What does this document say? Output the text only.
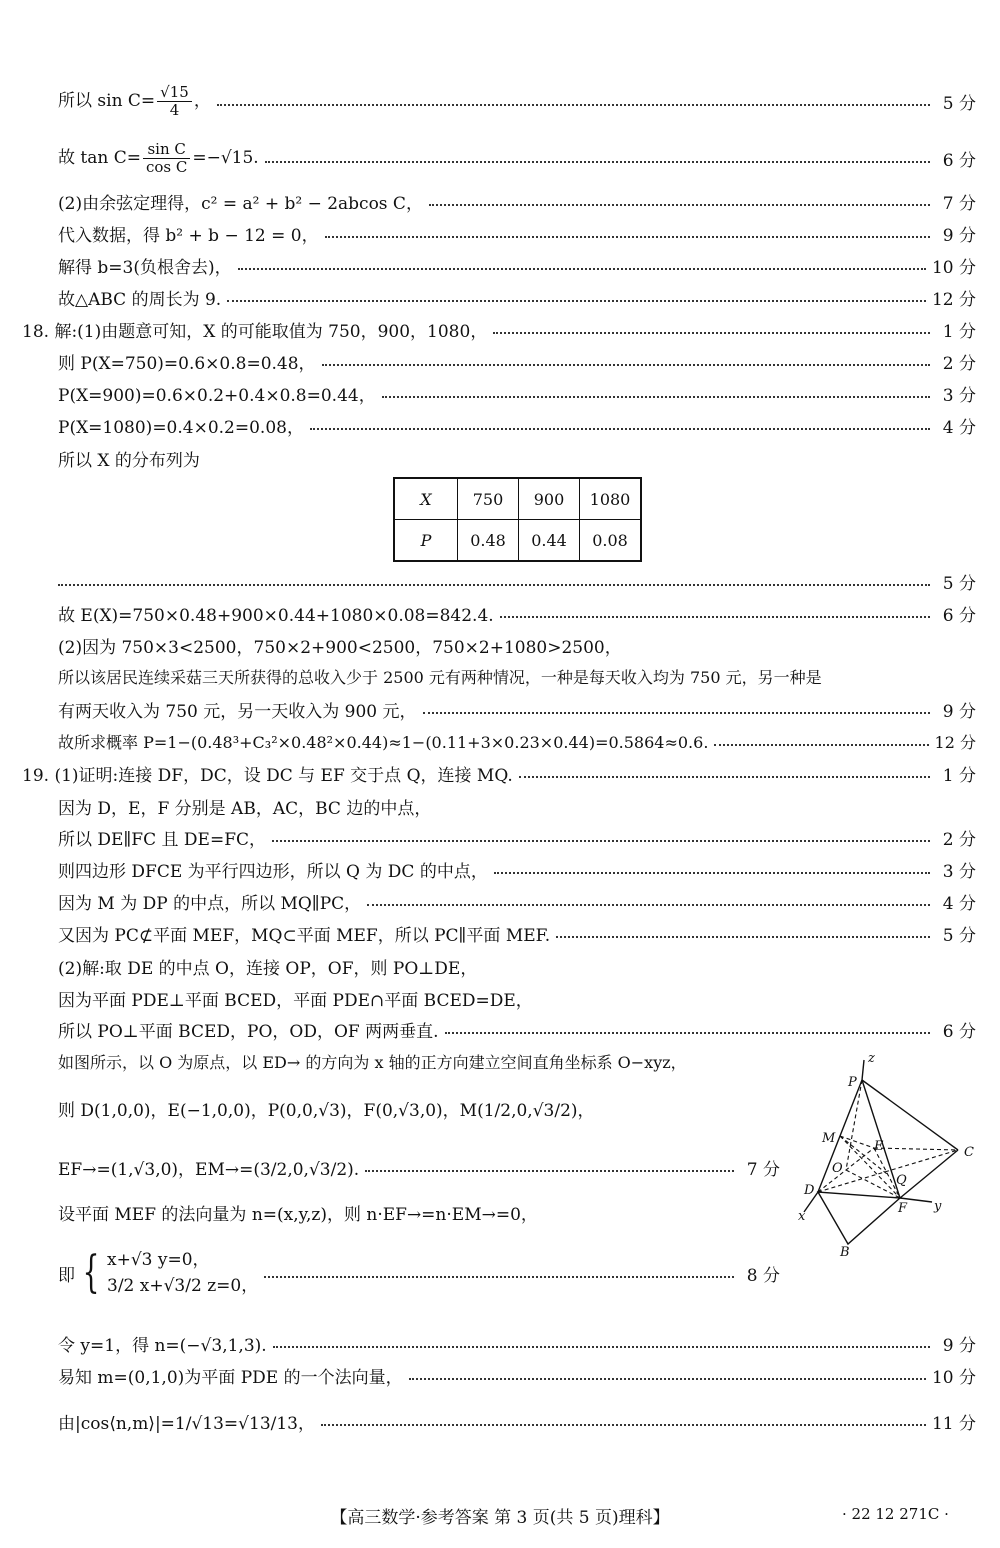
所以 $\sin C= \frac{√15}{4}$ ，	5 分
故 $\tan C= \frac{\text{sin C}}{\text{cos C}} =-√15$.	6 分
(2)由余弦定理得，c² = a² + b² − 2abcos C，	7 分
代入数据，得 b² + b − 12 = 0，	9 分
解得 b=3(负根舍去)，	10 分
故△ABC 的周长为 9.	12 分
18. 解:(1)由题意可知，X 的可能取值为 750，900，1080，	1 分
则 P(X=750)=0.6×0.8=0.48，	2 分
P(X=900)=0.6×0.2+0.4×0.8=0.44，	3 分
P(X=1080)=0.4×0.2=0.08，	4 分
所以 X 的分布列为
X	750	900	1080
P	0.48	0.44	0.08
5 分
故 E(X)=750×0.48+900×0.44+1080×0.08=842.4.	6 分
(2)因为 750×3<2500，750×2+900<2500，750×2+1080>2500，
所以该居民连续采菇三天所获得的总收入少于 2500 元有两种情况，一种是每天收入均为 750 元，另一种是
有两天收入为 750 元，另一天收入为 900 元，	9 分
故所求概率 P=1−(0.48³+C₃²×0.48²×0.44)≈1−(0.11+3×0.23×0.44)=0.5864≈0.6.	12 分
19. (1)证明:连接 DF，DC，设 DC 与 EF 交于点 Q，连接 MQ.	1 分
因为 D，E，F 分别是 AB，AC，BC 边的中点，
所以 DE∥FC 且 DE=FC，	2 分
则四边形 DFCE 为平行四边形，所以 Q 为 DC 的中点，	3 分
因为 M 为 DP 的中点，所以 MQ∥PC，	4 分
又因为 PC⊄平面 MEF，MQ⊂平面 MEF，所以 PC∥平面 MEF.	5 分
(2)解:取 DE 的中点 O，连接 OP，OF，则 PO⊥DE，
因为平面 PDE⊥平面 BCED，平面 PDE∩平面 BCED=DE，
所以 PO⊥平面 BCED，PO，OD，OF 两两垂直.	6 分
如图所示，以 O 为原点，以 ED→ 的方向为 x 轴的正方向建立空间直角坐标系 O−xyz，
则 D(1,0,0)，E(−1,0,0)，P(0,0,√3)，F(0,√3,0)，M(1/2,0,√3/2)，
EF→=(1,√3,0)，EM→=(3/2,0,√3/2).	7 分
设平面 MEF 的法向量为 n=(x,y,z)，则 n·EF→=n·EM→=0，
即 { x+√3 y=0，
3/2 x+√3/2 z=0，
8 分
令 y=1，得 n=(−√3,1,3).	9 分
易知 m=(0,1,0)为平面 PDE 的一个法向量，	10 分
由|cos⟨n,m⟩|=1/√13=√13/13，	11 分
z
P
M
E	C
O
Q
D
F y
x
B
【高三数学·参考答案 第 3 页(共 5 页)理科】	· 22 12 271C ·
